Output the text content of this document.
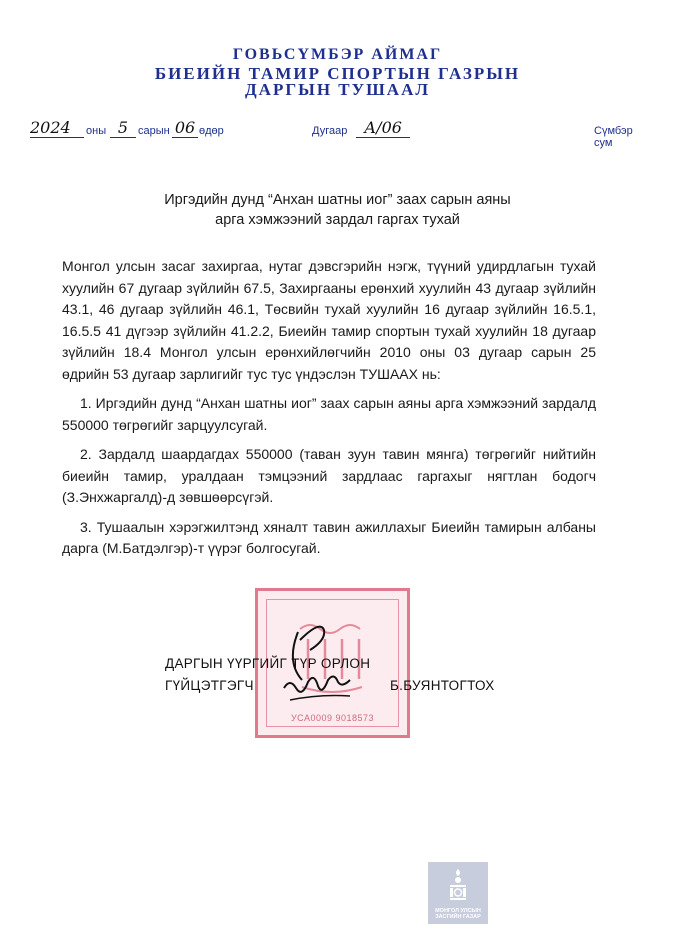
ГОВЬСҮМБЭР АЙМАГ
БИЕИЙН ТАМИР СПОРТЫН ГАЗРЫН
ДАРГЫН ТУШААЛ
2024	оны 5 сарын 06 өдөр	Дугаар	А/06	Сүмбэр сум
Иргэдийн дунд “Анхан шатны иог” заах сарын аяны
арга хэмжээний зардал гаргах тухай

Монгол улсын засаг захиргаа, нутаг дэвсгэрийн нэгж, түүний удирдлагын тухай хуулийн 67 дугаар зүйлийн 67.5, Захиргааны ерөнхий хуулийн 43 дугаар зүйлийн 43.1, 46 дугаар зүйлийн 46.1, Төсвийн тухай хуулийн 16 дугаар зүйлийн 16.5.1, 16.5.5 41 дүгээр зүйлийн 41.2.2, Биеийн тамир спортын тухай хуулийн 18 дугаар зүйлийн 18.4 Монгол улсын ерөнхийлөгчийн 2010 оны 03 дугаар сарын 25 өдрийн 53 дугаар зарлигийг тус тус үндэслэн ТУШААХ нь:

1. Иргэдийн дунд “Анхан шатны иог” заах сарын аяны арга хэмжээний зардалд 550000 төгрөгийг зарцуулсугай.

2. Зардалд шаардагдах 550000 (таван зуун тавин мянга) төгрөгийг нийтийн биеийн тамир, уралдаан тэмцээний зардлаас гаргахыг нягтлан бодогч (З.Энхжаргалд)-д зөвшөөрсүгэй.

3. Тушаалын хэрэгжилтэнд хяналт тавин ажиллахыг Биеийн тамирын албаны дарга (М.Батдэлгэр)-т үүрэг болгосугай.

УСА0009 9018573
ДАРГЫН ҮҮРГИЙГ ТҮР ОРЛОН
ГҮЙЦЭТГЭГЧ	Б.БУЯНТОГТОХ
МОНГОЛ УЛСЫН
ЗАСГИЙН ГАЗАР
